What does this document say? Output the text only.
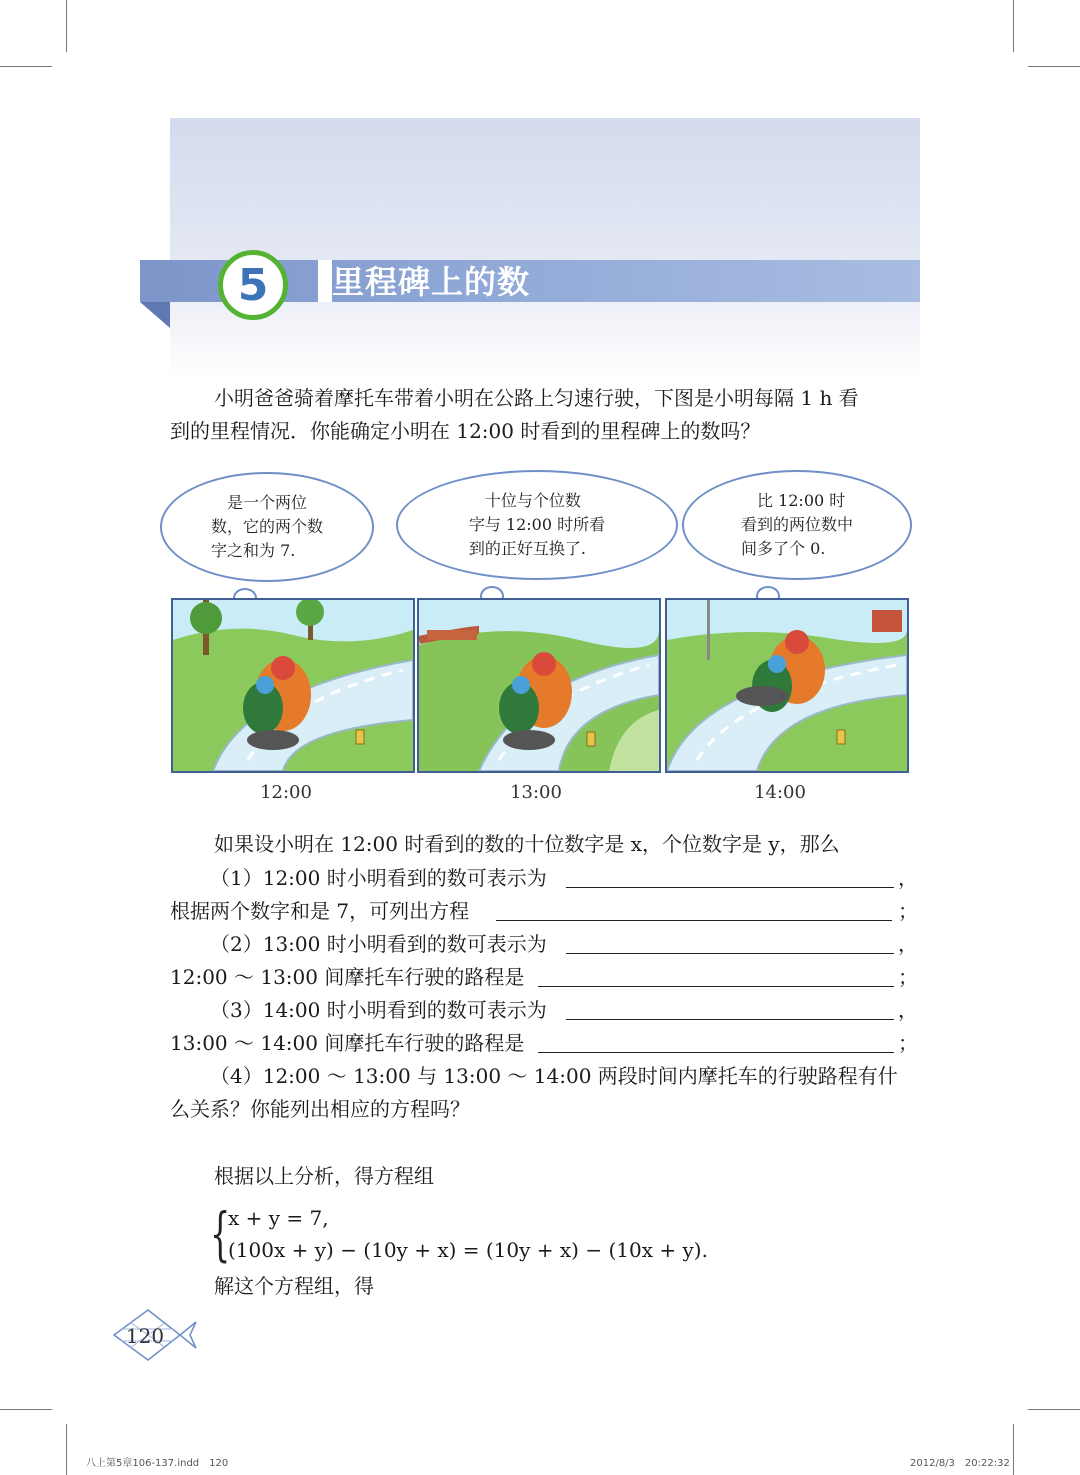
5 里程碑上的数
小明爸爸骑着摩托车带着小明在公路上匀速行驶，下图是小明每隔 1 h 看
到的里程情况．你能确定小明在 12:00 时看到的里程碑上的数吗？
　是一个两位
数，它的两个数
字之和为 7.
　十位与个位数
字与 12:00 时所看
到的正好互换了.
　比 12:00 时
看到的两位数中
间多了个 0.
12:00	13:00	14:00
如果设小明在 12:00 时看到的数的十位数字是 x，个位数字是 y，那么
（1）12:00 时小明看到的数可表示为	，
根据两个数字和是 7，可列出方程	；
（2）13:00 时小明看到的数可表示为	，
12:00 ～ 13:00 间摩托车行驶的路程是	；
（3）14:00 时小明看到的数可表示为	，
13:00 ～ 14:00 间摩托车行驶的路程是	；
（4）12:00 ～ 13:00 与 13:00 ～ 14:00 两段时间内摩托车的行驶路程有什
么关系？你能列出相应的方程吗？
根据以上分析，得方程组
{
x + y = 7,
(100x + y) − (10y + x) = (10y + x) − (10x + y).
解这个方程组，得
120
八上第5章106-137.indd　120	2012/8/3　20:22:32
